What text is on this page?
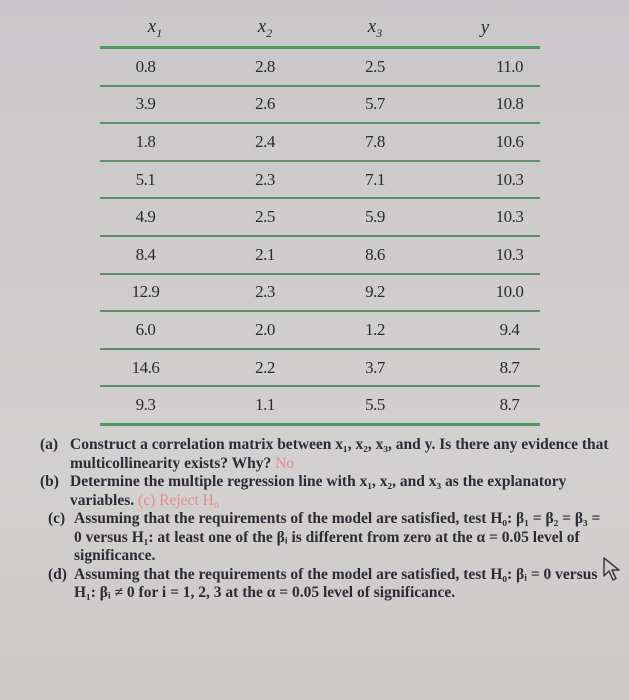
$x_1$	$x_2$	$x_3$	y
0.8	2.8	2.5	11.0
3.9	2.6	5.7	10.8
1.8	2.4	7.8	10.6
5.1	2.3	7.1	10.3
4.9	2.5	5.9	10.3
8.4	2.1	8.6	10.3
12.9	2.3	9.2	10.0
6.0	2.0	1.2	9.4
14.6	2.2	3.7	8.7
9.3	1.1	5.5	8.7
(a) Construct a correlation matrix between x₁, x₂, x₃, and y. Is there any evidence that multicollinearity exists? Why? No
(b) Determine the multiple regression line with x₁, x₂, and x₃ as the explanatory variables. (c) Reject H₀
(c) Assuming that the requirements of the model are satisfied, test H₀: β₁ = β₂ = β₃ = 0 versus H₁: at least one of the βᵢ is different from zero at the α = 0.05 level of significance.
(d) Assuming that the requirements of the model are satisfied, test H₀: βᵢ = 0 versus H₁: βᵢ ≠ 0 for i = 1, 2, 3 at the α = 0.05 level of significance.
